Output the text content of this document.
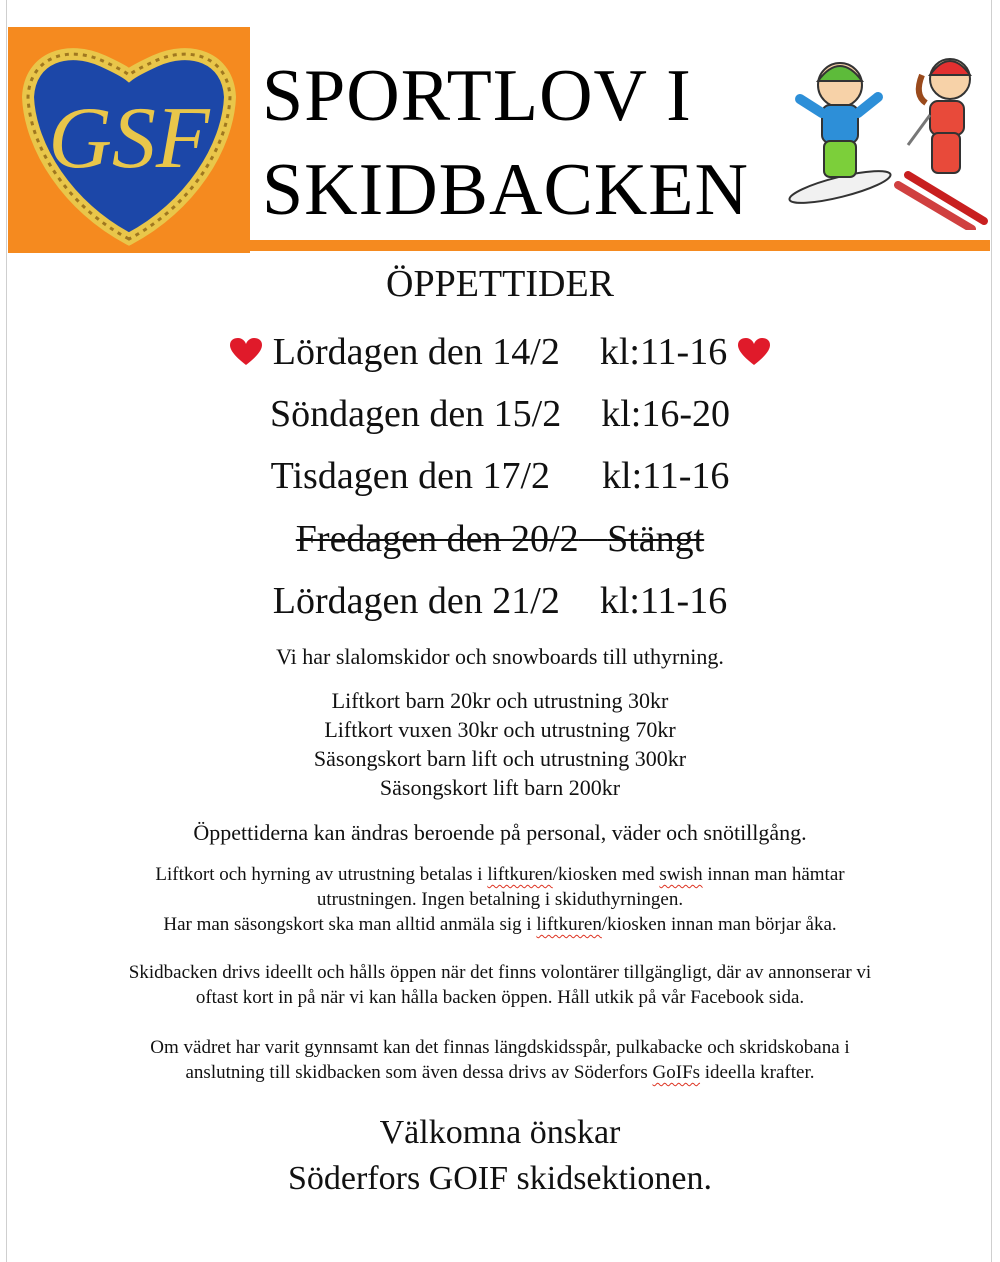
GSF SPORTLOV I
SKIDBACKEN
ÖPPETTIDER
Lördagen den 14/2 kl:11-16
Söndagen den 15/2 kl:16-20
Tisdagen den 17/2 kl:11-16
Fredagen den 20/2 Stängt
Lördagen den 21/2 kl:11-16
Vi har slalomskidor och snowboards till uthyrning.
Liftkort barn 20kr och utrustning 30kr
Liftkort vuxen 30kr och utrustning 70kr
Säsongskort barn lift och utrustning 300kr
Säsongskort lift barn 200kr
Öppettiderna kan ändras beroende på personal, väder och snötillgång.
Liftkort och hyrning av utrustning betalas i liftkuren/kiosken med swish innan man hämtar
utrustningen. Ingen betalning i skiduthyrningen.
Har man säsongskort ska man alltid anmäla sig i liftkuren/kiosken innan man börjar åka.
Skidbacken drivs ideellt och hålls öppen när det finns volontärer tillgängligt, där av annonserar vi
oftast kort in på när vi kan hålla backen öppen. Håll utkik på vår Facebook sida.
Om vädret har varit gynnsamt kan det finnas längdskidsspår, pulkabacke och skridskobana i
anslutning till skidbacken som även dessa drivs av Söderfors GoIFs ideella krafter.
Välkomna önskar
Söderfors GOIF skidsektionen.
